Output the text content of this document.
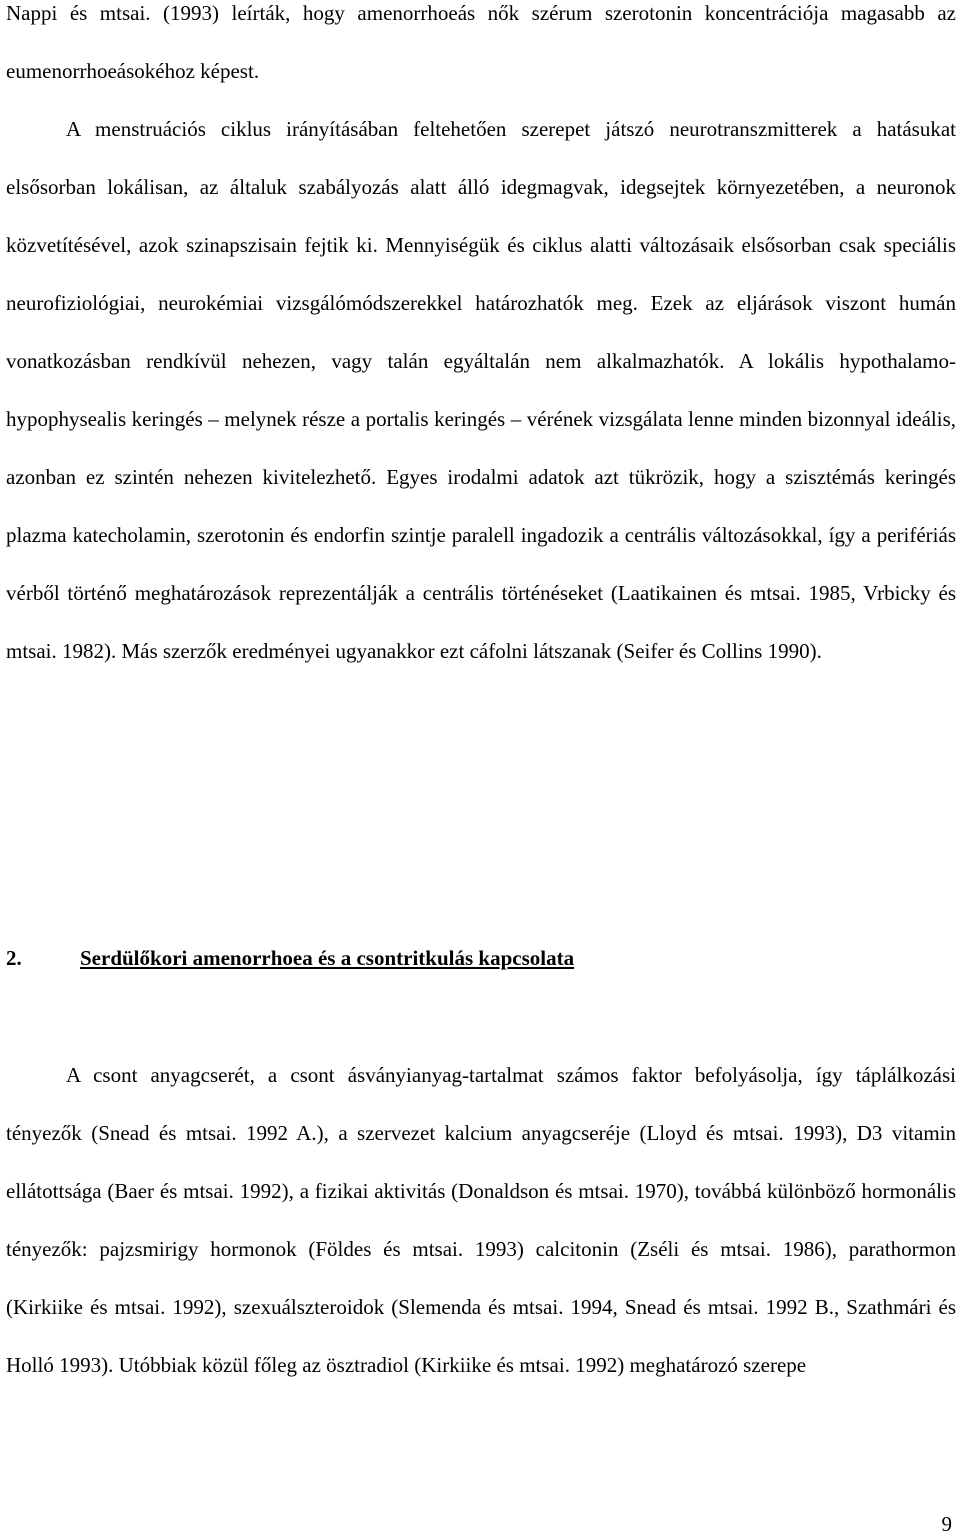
Nappi és mtsai. (1993) leírták, hogy amenorrhoeás nők szérum szerotonin koncentrációja magasabb az eumenorrhoeásokéhoz képest.

A menstruációs ciklus irányításában feltehetően szerepet játszó neurotranszmitterek a hatásukat elsősorban lokálisan, az általuk szabályozás alatt álló idegmagvak, idegsejtek környezetében, a neuronok közvetítésével, azok szinapszisain fejtik ki. Mennyiségük és ciklus alatti változásaik elsősorban csak speciális neurofiziológiai, neurokémiai vizsgálómódszerekkel határozhatók meg. Ezek az eljárások viszont humán vonatkozásban rendkívül nehezen, vagy talán egyáltalán nem alkalmazhatók. A lokális hypothalamo-hypophysealis keringés – melynek része a portalis keringés – vérének vizsgálata lenne minden bizonnyal ideális, azonban ez szintén nehezen kivitelezhető. Egyes irodalmi adatok azt tükrözik, hogy a szisztémás keringés plazma katecholamin, szerotonin és endorfin szintje paralell ingadozik a centrális változásokkal, így a perifériás vérből történő meghatározások reprezentálják a centrális történéseket (Laatikainen és mtsai. 1985, Vrbicky és mtsai. 1982). Más szerzők eredményei ugyanakkor ezt cáfolni látszanak (Seifer és Collins 1990).

2.	Serdülőkori amenorrhoea és a csontritkulás kapcsolata

A csont anyagcserét, a csont ásványianyag-tartalmat számos faktor befolyásolja, így táplálkozási tényezők (Snead és mtsai. 1992 A.), a szervezet kalcium anyagcseréje (Lloyd és mtsai. 1993), D3 vitamin ellátottsága (Baer és mtsai. 1992), a fizikai aktivitás (Donaldson és mtsai. 1970), továbbá különböző hormonális tényezők: pajzsmirigy hormonok (Földes és mtsai. 1993) calcitonin (Zséli és mtsai. 1986), parathormon (Kirkiike és mtsai. 1992), szexuálszteroidok (Slemenda és mtsai. 1994, Snead és mtsai. 1992 B., Szathmári és Holló 1993). Utóbbiak közül főleg az ösztradiol (Kirkiike és mtsai. 1992) meghatározó szerepe

9
